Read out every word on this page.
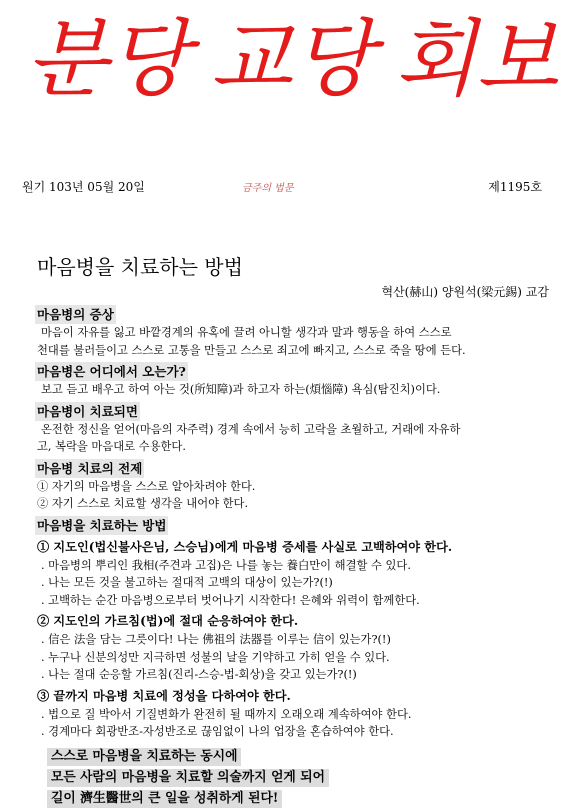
분당 교당 회보
원기 103년 05월 20일	금주의 법문	제1195호
마음병을 치료하는 방법
혁산(赫山) 양원석(梁元錫) 교감
마음병의 증상
마음이 자유를 잃고 바깥경계의 유혹에 끌려 아니할 생각과 말과 행동을 하여 스스로
천대를 불러들이고 스스로 고통을 만들고 스스로 죄고에 빠지고, 스스로 죽을 땅에 든다.
마음병은 어디에서 오는가?
보고 듣고 배우고 하여 아는 것(所知障)과 하고자 하는(煩惱障) 욕심(탐진치)이다.
마음병이 치료되면
온전한 정신을 얻어(마음의 자주력) 경계 속에서 능히 고락을 초월하고, 거래에 자유하
고, 복락을 마음대로 수용한다.
마음병 치료의 전제
① 자기의 마음병을 스스로 알아차려야 한다.
② 자기 스스로 치료할 생각을 내어야 한다.
마음병을 치료하는 방법
① 지도인(법신불사은님, 스승님)에게 마음병 증세를 사실로 고백하여야 한다.
. 마음병의 뿌리인 我相(주견과 고집)은 나를 놓는 養白만이 해결할 수 있다.
. 나는 모든 것을 불고하는 절대적 고백의 대상이 있는가?(!)
. 고백하는 순간 마음병으로부터 벗어나기 시작한다! 은혜와 위력이 함께한다.
② 지도인의 가르침(법)에 절대 순응하여야 한다.
. 信은 法을 담는 그릇이다! 나는 佛祖의 法器를 이루는 信이 있는가?(!)
. 누구나 신분의성만 지극하면 성불의 날을 기약하고 가히 얻을 수 있다.
. 나는 절대 순응할 가르침(진리-스승-법-회상)을 갖고 있는가?(!)
③ 끝까지 마음병 치료에 정성을 다하여야 한다.
. 법으로 질 박아서 기질변화가 완전히 될 때까지 오래오래 계속하여야 한다.
. 경계마다 회광반조-자성반조로 끊임없이 나의 업장을 혼습하여야 한다.
스스로 마음병을 치료하는 동시에
모든 사람의 마음병을 치료할 의술까지 얻게 되어
길이 濟生醫世의 큰 일을 성취하게 된다!
